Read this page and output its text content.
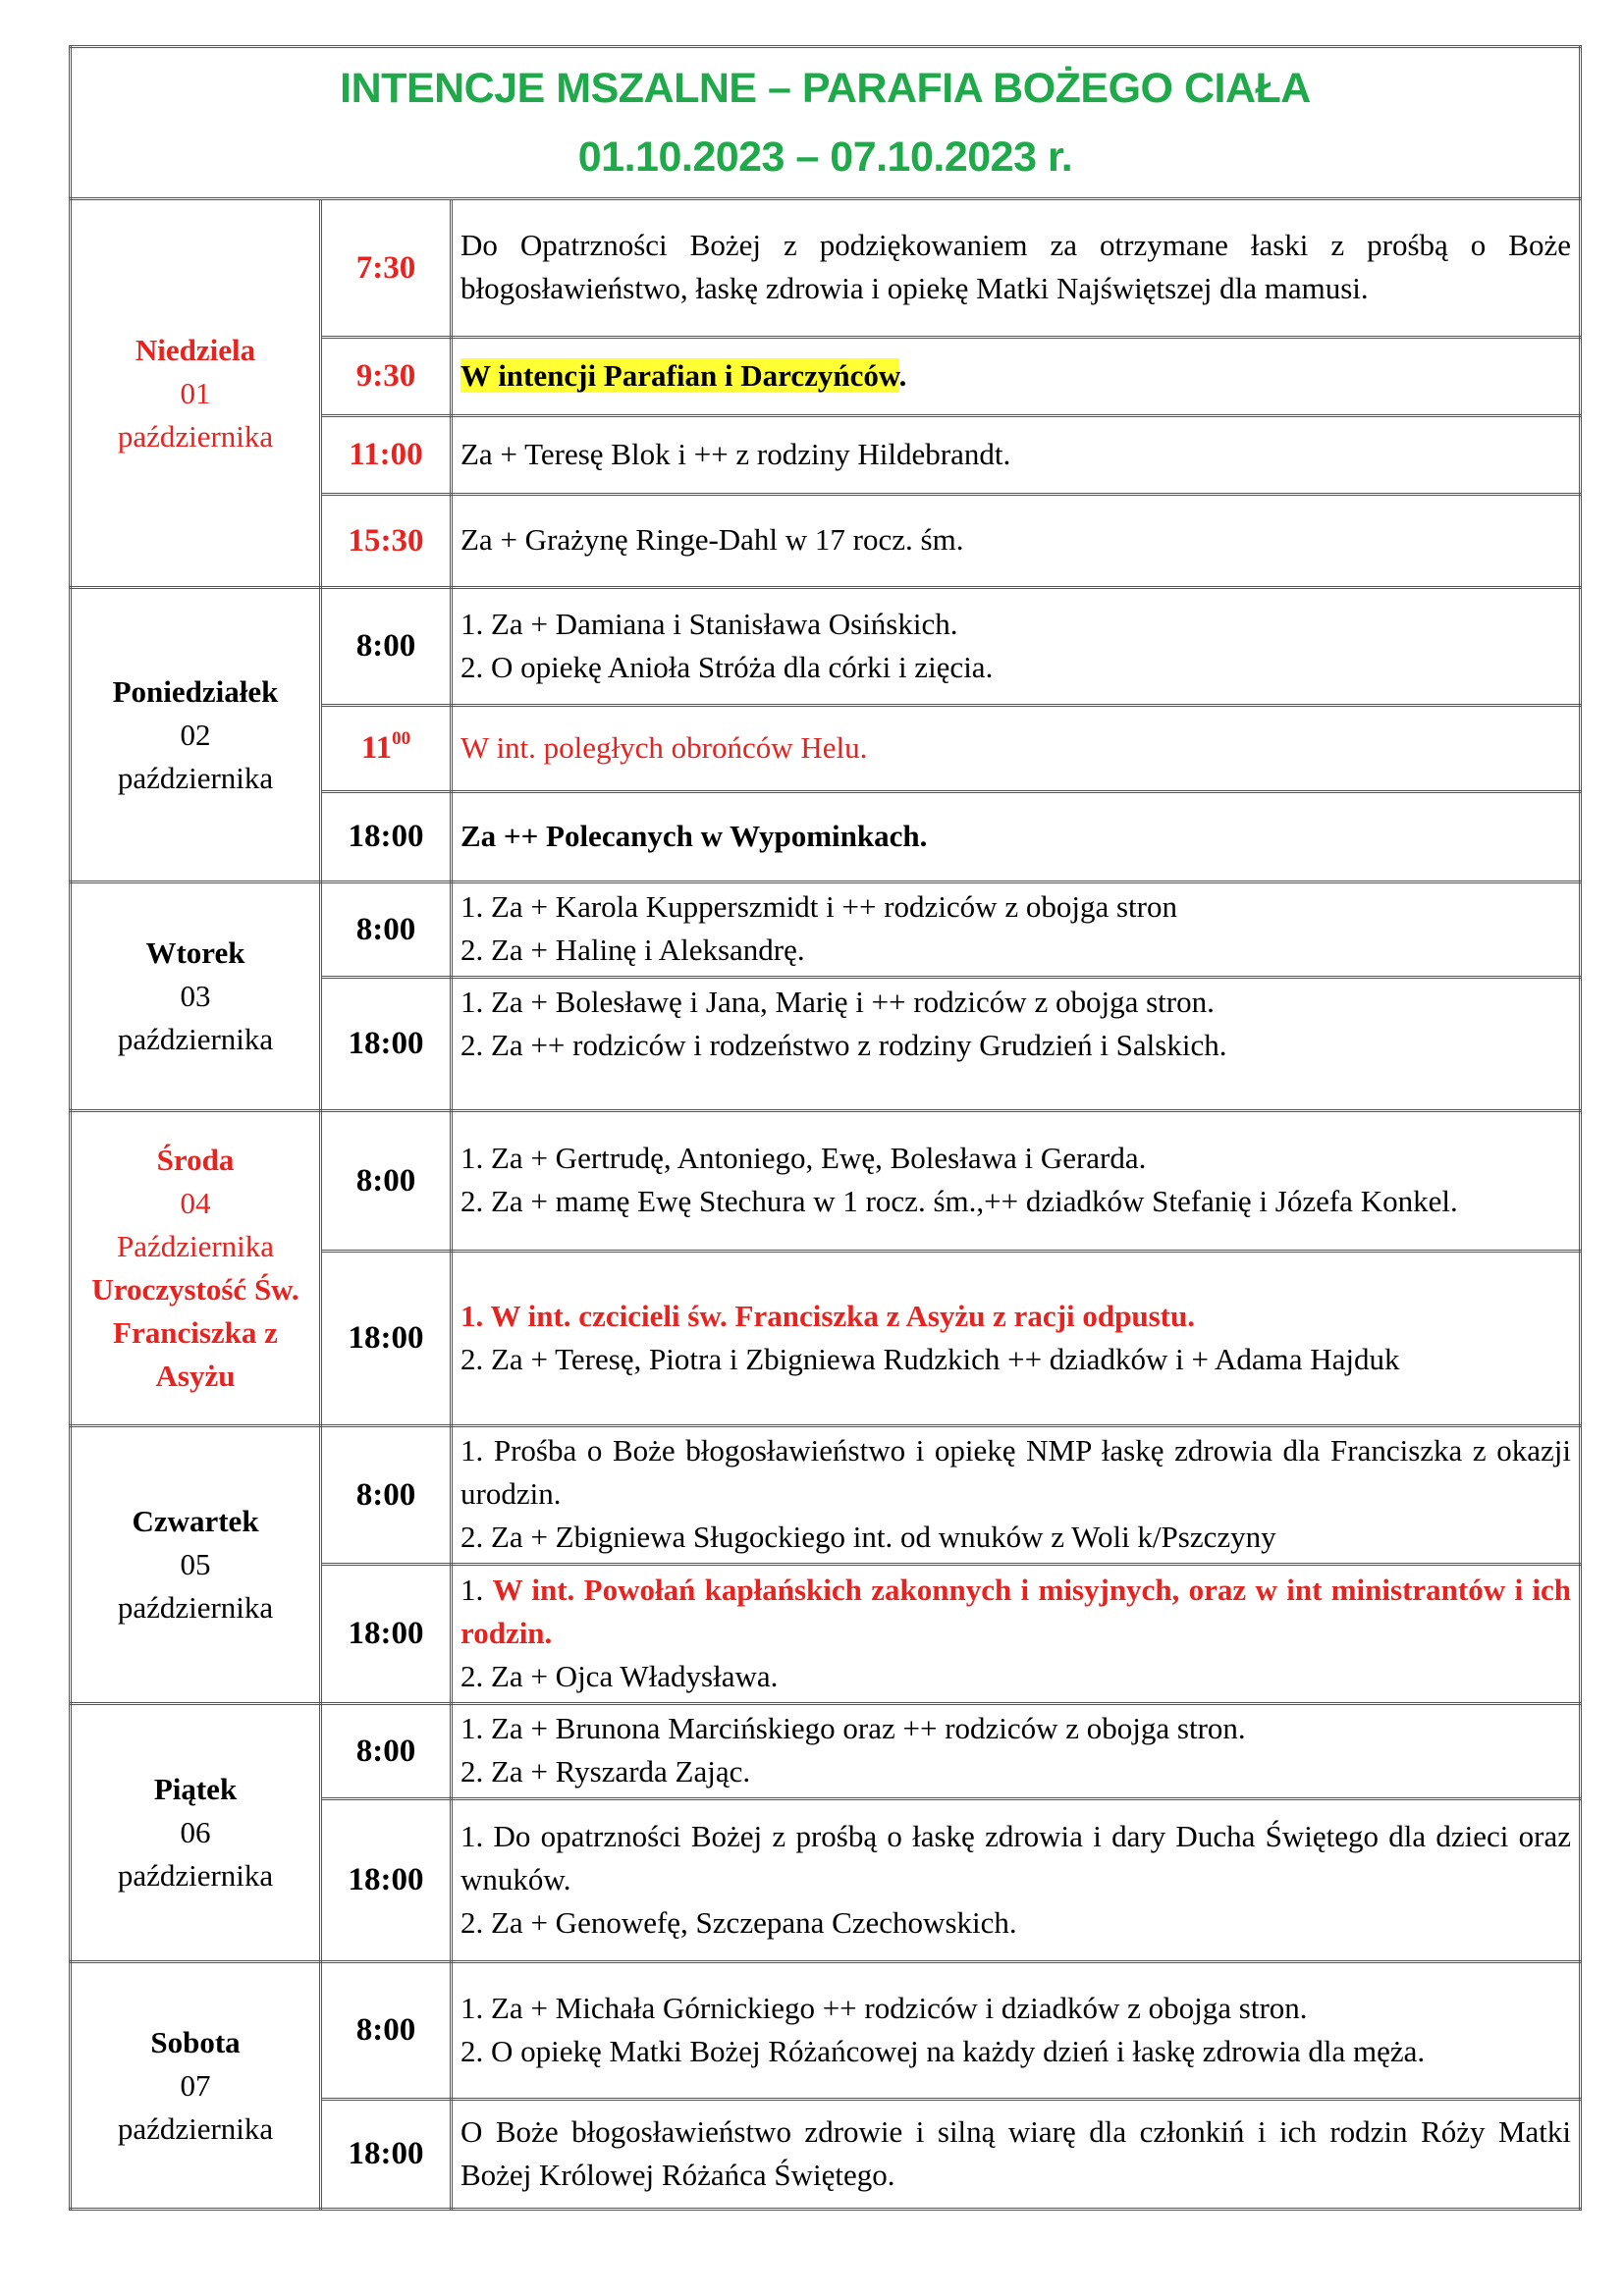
INTENCJE MSZALNE – PARAFIA BOŻEGO CIAŁA
01.10.2023 – 07.10.2023 r.		

Niedziela
01
października	7:30	Do Opatrzności Bożej z podziękowaniem za otrzymane łaski z prośbą o Boże błogosławieństwo, łaskę zdrowia i opiekę Matki Najświętszej dla mamusi.
	9:30	W intencji Parafian i Darczyńców.
	11:00	Za + Teresę Blok i ++ z rodziny Hildebrandt.
	15:30	Za + Grażynę Ringe-Dahl w 17 rocz. śm.

Poniedziałek
02
października	8:00	1. Za + Damiana i Stanisława Osińskich.
2. O opiekę Anioła Stróża dla córki i zięcia.

	$11^{00}$	W int. poległych obrońców Helu.
	18:00	Za ++ Polecanych w Wypominkach.

Wtorek
03
października	8:00	1. Za + Karola Kupperszmidt i ++ rodziców z obojga stron
2. Za + Halinę i Aleksandrę.

	18:00	1. Za + Bolesławę i Jana, Marię i ++ rodziców z obojga stron.
2. Za ++ rodziców i rodzeństwo z rodziny Grudzień i Salskich.

Środa
04
Października
Uroczystość Św. Franciszka z Asyżu	8:00	1. Za + Gertrudę, Antoniego, Ewę, Bolesława i Gerarda.
2. Za + mamę Ewę Stechura w 1 rocz. śm.,++ dziadków Stefanię i Józefa Konkel.

	18:00	1. W int. czcicieli św. Franciszka z Asyżu z racji odpustu.
2. Za + Teresę, Piotra i Zbigniewa Rudzkich ++ dziadków i + Adama Hajduk

Czwartek
05
października	8:00	1. Prośba o Boże błogosławieństwo i opiekę NMP łaskę zdrowia dla Franciszka z okazji urodzin.
2. Za + Zbigniewa Sługockiego int. od wnuków z Woli k/Pszczyny

	18:00	1. W int. Powołań kapłańskich zakonnych i misyjnych, oraz w int ministrantów i ich rodzin.
2. Za + Ojca Władysława.

Piątek
06
października	8:00	1. Za + Brunona Marcińskiego oraz ++ rodziców z obojga stron.
2. Za + Ryszarda Zając.

	18:00	1. Do opatrzności Bożej z prośbą o łaskę zdrowia i dary Ducha Świętego dla dzieci oraz wnuków.
2. Za + Genowefę, Szczepana Czechowskich.

Sobota
07
października	8:00	1. Za + Michała Górnickiego ++ rodziców i dziadków z obojga stron.
2. O opiekę Matki Bożej Różańcowej na każdy dzień i łaskę zdrowia dla męża.

	18:00	O Boże błogosławieństwo zdrowie i silną wiarę dla członkiń i ich rodzin Róży Matki Bożej Królowej Różańca Świętego.
